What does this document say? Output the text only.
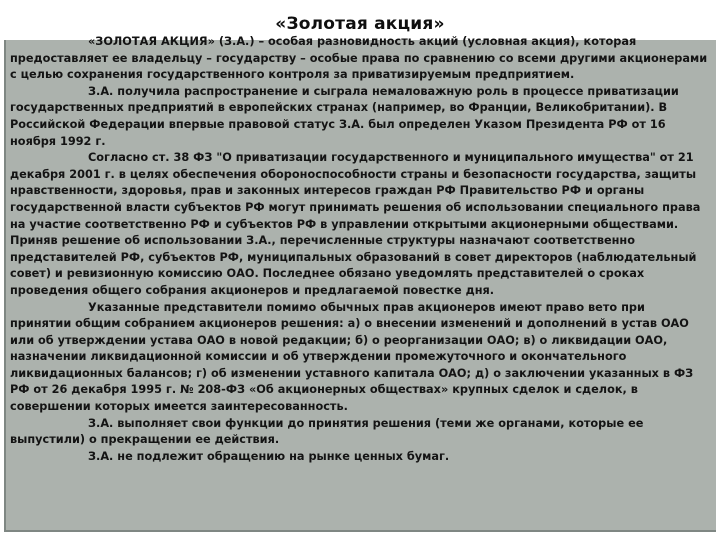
«Золотая акция»

«ЗОЛОТАЯ АКЦИЯ» (З.А.) – особая разновидность акций (условная акция), которая предоставляет ее владельцу – государству – особые права по сравнению со всеми другими акционерами с целью сохранения государственного контроля за приватизируемым предприятием.

З.А. получила распространение и сыграла немаловажную роль в процессе приватизации государственных предприятий в европейских странах (например, во Франции, Великобритании). В Российской Федерации впервые правовой статус З.А. был определен Указом Президента РФ от 16 ноября 1992 г.

Согласно ст. 38 ФЗ "О приватизации государственного и муниципального имущества" от 21 декабря 2001 г. в целях обеспечения обороноспособности страны и безопасности государства, защиты нравственности, здоровья, прав и законных интересов граждан РФ Правительство РФ и органы государственной власти субъектов РФ могут принимать решения об использовании специального права на участие соответственно РФ и субъектов РФ в управлении открытыми акционерными обществами. Приняв решение об использовании З.А., перечисленные структуры назначают соответственно представителей РФ, субъектов РФ, муниципальных образований в совет директоров (наблюдательный совет) и ревизионную комиссию ОАО. Последнее обязано уведомлять представителей о сроках проведения общего собрания акционеров и предлагаемой повестке дня.

Указанные представители помимо обычных прав акционеров имеют право вето при принятии общим собранием акционеров решения: а) о внесении изменений и дополнений в устав ОАО или об утверждении устава ОАО в новой редакции; б) о реорганизации ОАО; в) о ликвидации ОАО, назначении ликвидационной комиссии и об утверждении промежуточного и окончательного ликвидационных балансов; г) об изменении уставного капитала ОАО; д) о заключении указанных в ФЗ РФ от 26 декабря 1995 г. № 208-ФЗ «Об акционерных обществах» крупных сделок и сделок, в совершении которых имеется заинтересованность.

З.А. выполняет свои функции до принятия решения (теми же органами, которые ее выпустили) о прекращении ее действия.

З.А. не подлежит обращению на рынке ценных бумаг.
